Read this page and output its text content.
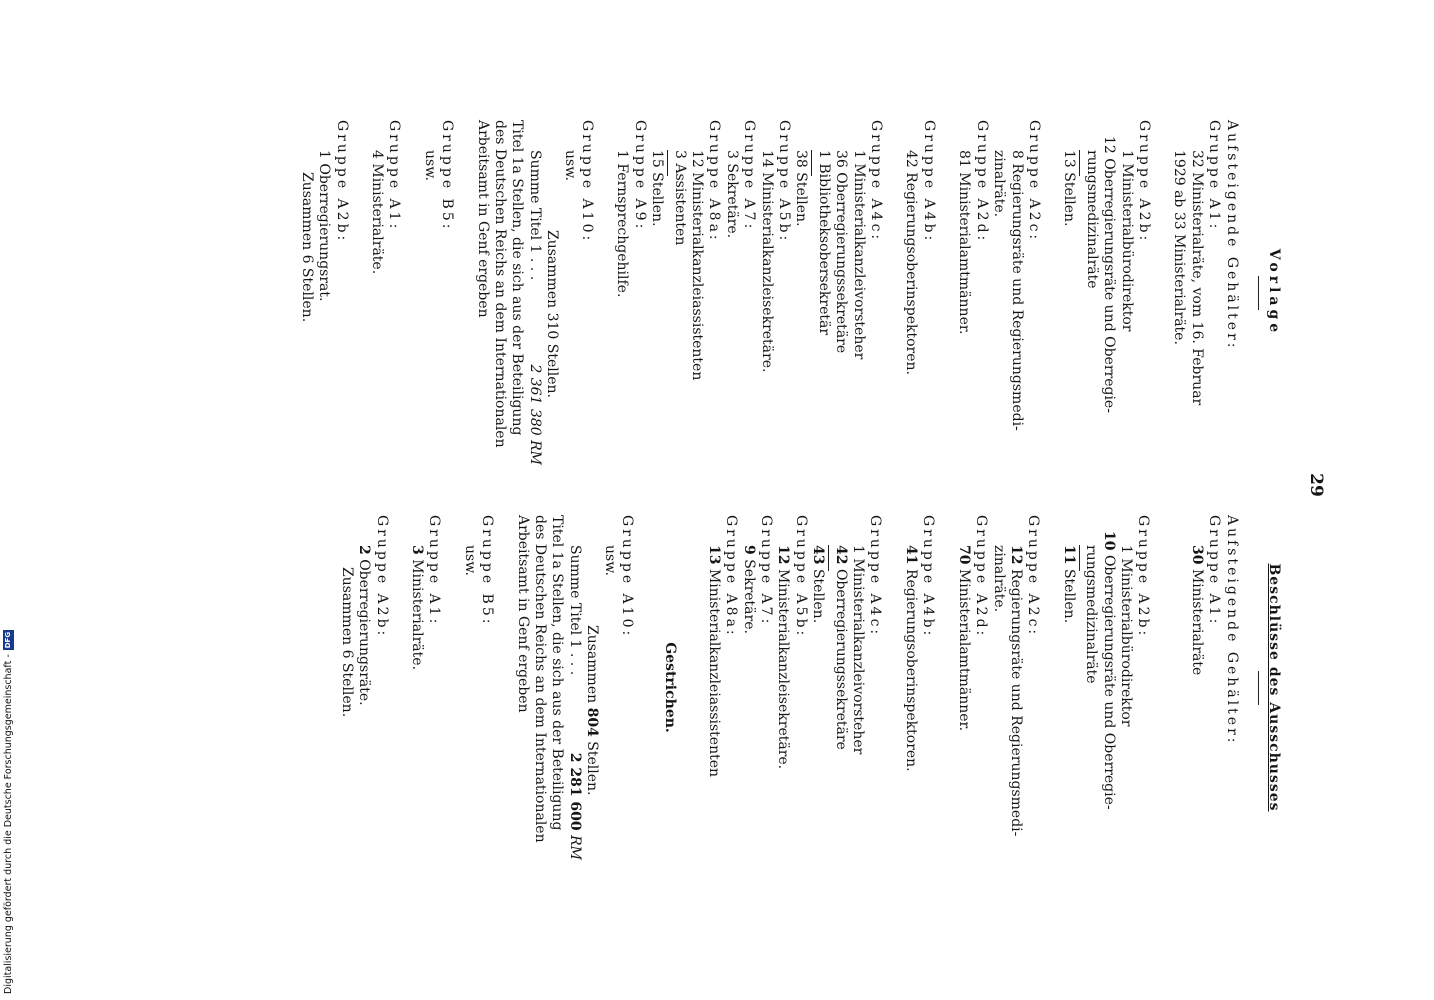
29
Vorlage
Aufsteigende Gehälter:
Gruppe A1:
32 Ministerialräte, vom 16. Februar
1929 ab 33 Ministerialräte.
Gruppe A2b:
1 Ministerialbürodirektor
12 Oberregierungsräte und Oberregie-
rungsmedizinalräte
13 Stellen.
Gruppe A2c:
8 Regierungsräte und Regierungsmedi-
zinalräte.
Gruppe A2d:
81 Ministerialamtmänner.
Gruppe A4b:
42 Regierungsoberinspektoren.
Gruppe A4c:
1 Ministerialkanzleivorsteher
36 Oberregierungssekretäre
1 Bibliotheksobersekretär
38 Stellen.
Gruppe A5b:
14 Ministerialkanzleisekretäre.
Gruppe A7:
3 Sekretäre.
Gruppe A8a:
12 Ministerialkanzleiassistenten
3 Assistenten
15 Stellen.
Gruppe A9:
1 Fernsprechgehilfe.
Gruppe A10:
usw.
Zusammen 310 Stellen.
Summe Titel 1 . . .
2 361 380 RM
Titel 1a Stellen, die sich aus der Beteiligung
des Deutschen Reichs an dem Internationalen
Arbeitsamt in Genf ergeben
Gruppe B5:
usw.
Gruppe A1:
4 Ministerialräte.
Gruppe A2b:
1 Oberregierungsrat.
Zusammen 6 Stellen.
Beschlüsse des Ausschusses
Aufsteigende Gehälter:
Gruppe A1:
30 Ministerialräte
Gruppe A2b:
1 Ministerialbürodirektor
10 Oberregierungsräte und Oberregie-
rungsmedizinalräte
11 Stellen.
Gruppe A2c:
12 Regierungsräte und Regierungsmedi-
zinalräte.
Gruppe A2d:
70 Ministerialamtmänner.
Gruppe A4b:
41 Regierungsoberinspektoren.
Gruppe A4c:
1 Ministerialkanzleivorsteher
42 Oberregierungssekretäre
43 Stellen.
Gruppe A5b:
12 Ministerialkanzleisekretäre.
Gruppe A7:
9 Sekretäre.
Gruppe A8a:
13 Ministerialkanzleiassistenten
Gestrichen.
Gruppe A10:
usw.
Zusammen 804 Stellen.
Summe Titel 1 . . .
2 281 600 RM
Titel 1a Stellen, die sich aus der Beteiligung
des Deutschen Reichs an dem Internationalen
Arbeitsamt in Genf ergeben
Gruppe B5:
usw.
Gruppe A1:
3 Ministerialräte.
Gruppe A2b:
2 Oberregierungsräte.
Zusammen 6 Stellen.
Digitalisierung gefördert durch die Deutsche Forschungsgemeinschaft -
DFG
